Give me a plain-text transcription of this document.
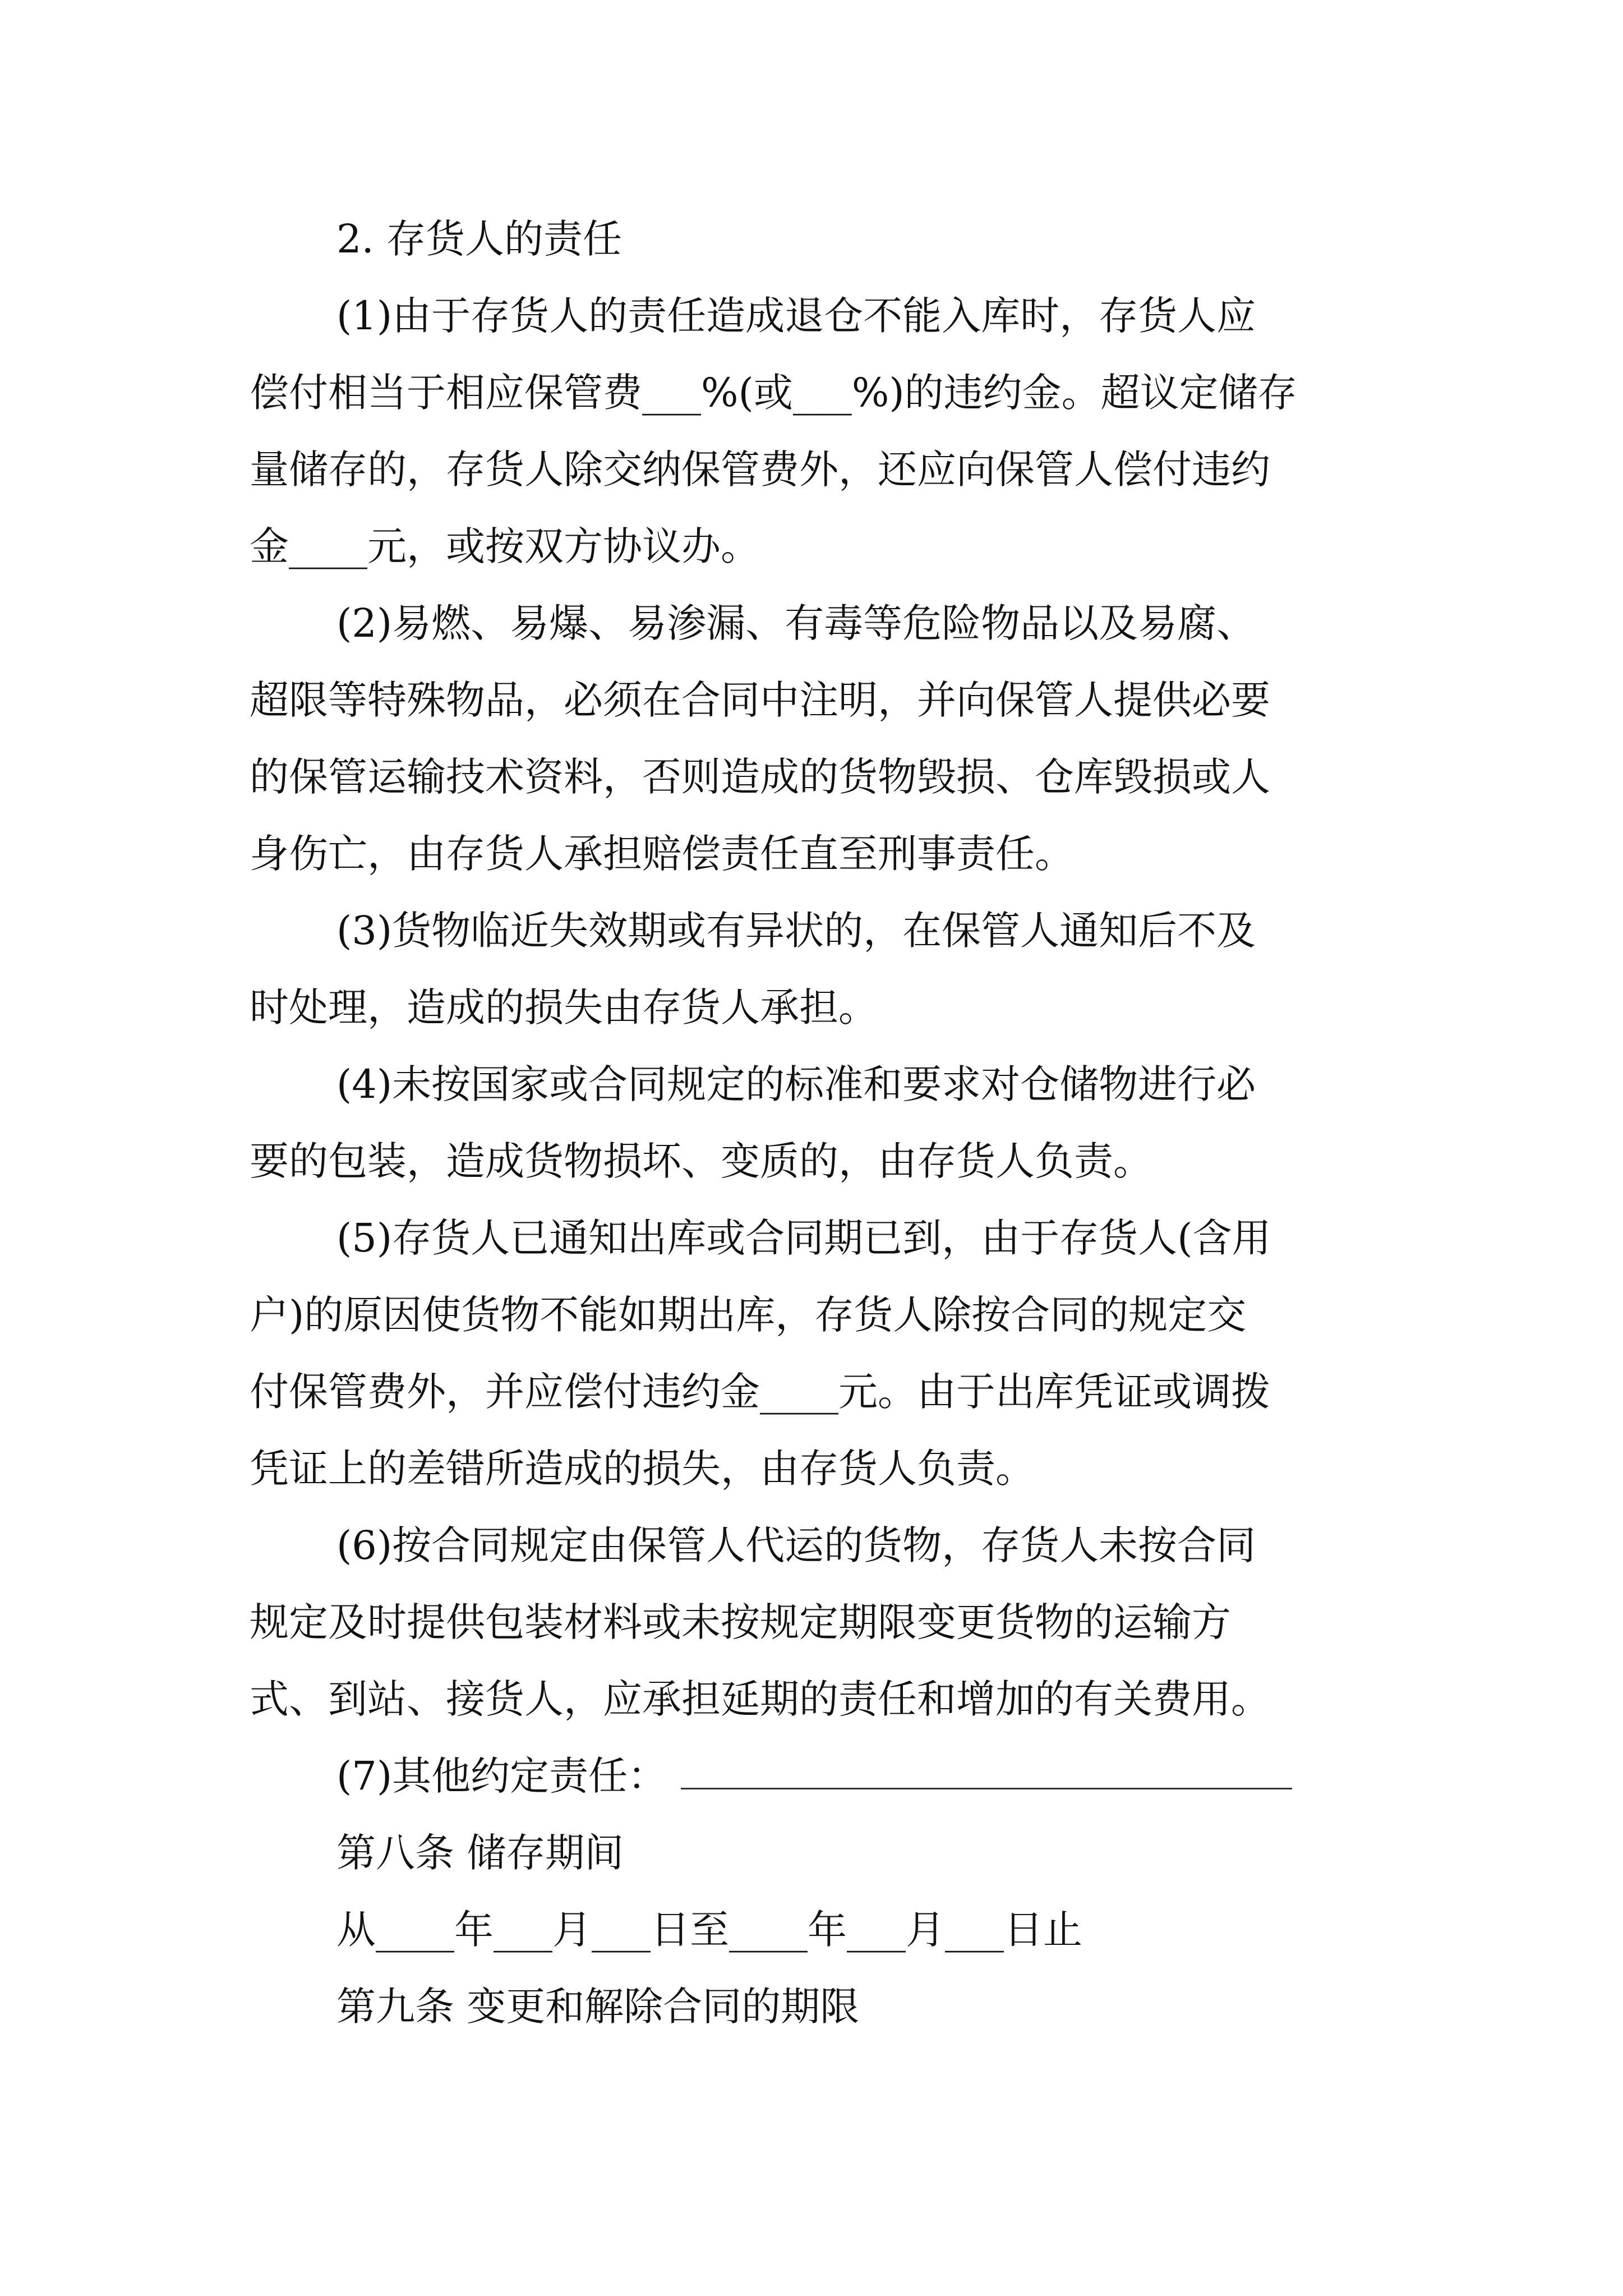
2. 存货人的责任
(1)由于存货人的责任造成退仓不能入库时，存货人应
偿付相当于相应保管费___%(或___%)的违约金。超议定储存
量储存的，存货人除交纳保管费外，还应向保管人偿付违约
金____元，或按双方协议办。
(2)易燃、易爆、易渗漏、有毒等危险物品以及易腐、
超限等特殊物品，必须在合同中注明，并向保管人提供必要
的保管运输技术资料，否则造成的货物毁损、仓库毁损或人
身伤亡，由存货人承担赔偿责任直至刑事责任。
(3)货物临近失效期或有异状的，在保管人通知后不及
时处理，造成的损失由存货人承担。
(4)未按国家或合同规定的标准和要求对仓储物进行必
要的包装，造成货物损坏、变质的，由存货人负责。
(5)存货人已通知出库或合同期已到，由于存货人(含用
户)的原因使货物不能如期出库，存货人除按合同的规定交
付保管费外，并应偿付违约金____元。由于出库凭证或调拨
凭证上的差错所造成的损失，由存货人负责。
(6)按合同规定由保管人代运的货物，存货人未按合同
规定及时提供包装材料或未按规定期限变更货物的运输方
式、到站、接货人，应承担延期的责任和增加的有关费用。
(7)其他约定责任：
第八条 储存期间
从____年___月___日至____年___月___日止
第九条 变更和解除合同的期限
